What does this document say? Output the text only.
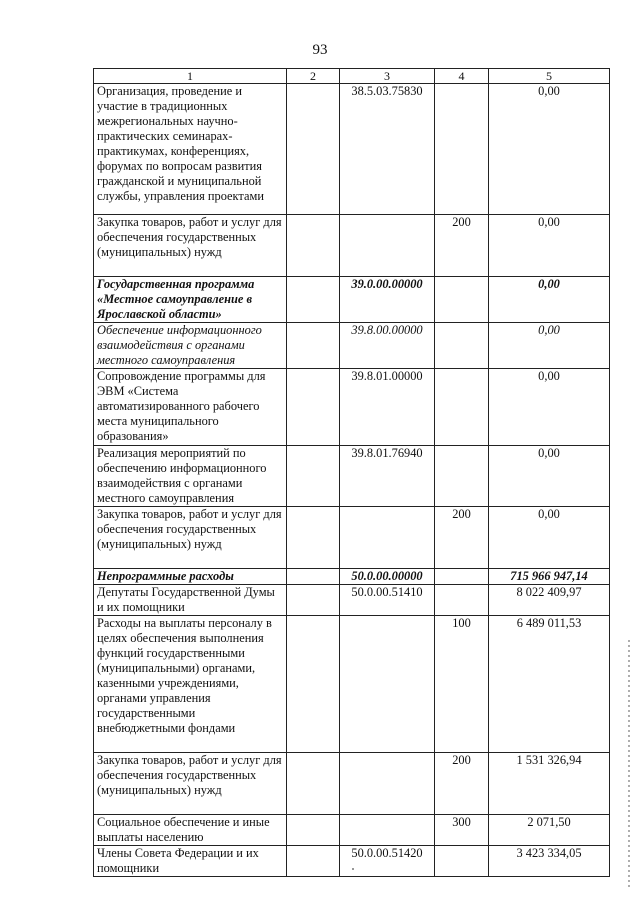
93
1	2	3	4	5
Организация, проведение и участие в традиционных межрегиональных научно-практических семинарах-практикумах, конференциях, форумах по вопросам развития гражданской и муниципальной службы, управления проектами		38.5.03.75830		0,00
Закупка товаров, работ и услуг для обеспечения государственных (муниципальных) нужд			200	0,00
Государственная программа «Местное самоуправление в Ярославской области»		39.0.00.00000		0,00
Обеспечение информационного взаимодействия с органами местного самоуправления		39.8.00.00000		0,00
Сопровождение программы для ЭВМ «Система автоматизированного рабочего места муниципального образования»		39.8.01.00000		0,00
Реализация мероприятий по обеспечению информационного взаимодействия с органами местного самоуправления		39.8.01.76940		0,00
Закупка товаров, работ и услуг для обеспечения государственных (муниципальных) нужд			200	0,00
Непрограммные расходы		50.0.00.00000		715 966 947,14
Депутаты Государственной Думы и их помощники		50.0.00.51410		8 022 409,97
Расходы на выплаты персоналу в целях обеспечения выполнения функций государственными (муниципальными) органами, казенными учреждениями, органами управления государственными внебюджетными фондами			100	6 489 011,53
Закупка товаров, работ и услуг для обеспечения государственных (муниципальных) нужд			200	1 531 326,94
Социальное обеспечение и иные выплаты населению			300	2 071,50
Члены Совета Федерации и их помощники		50.0.00.51420		3 423 334,05
